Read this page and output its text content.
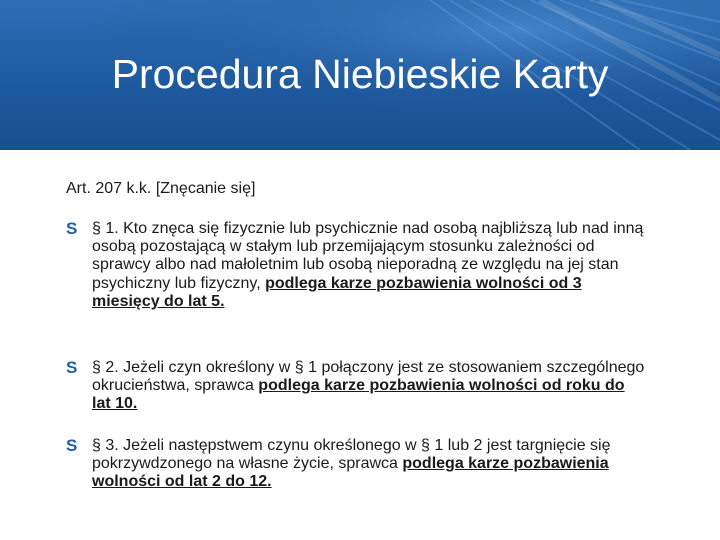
Procedura Niebieskie Karty
Art. 207 k.k. [Znęcanie się]
S § 1. Kto znęca się fizycznie lub psychicznie nad osobą najbliższą lub nad inną osobą pozostającą w stałym lub przemijającym stosunku zależności od sprawcy albo nad małoletnim lub osobą nieporadną ze względu na jej stan psychiczny lub fizyczny, podlega karze pozbawienia wolności od 3 miesięcy do lat 5.
S § 2. Jeżeli czyn określony w § 1 połączony jest ze stosowaniem szczególnego okrucieństwa, sprawca podlega karze pozbawienia wolności od roku do lat 10.
S § 3. Jeżeli następstwem czynu określonego w § 1 lub 2 jest targnięcie się pokrzywdzonego na własne życie, sprawca podlega karze pozbawienia wolności od lat 2 do 12.
